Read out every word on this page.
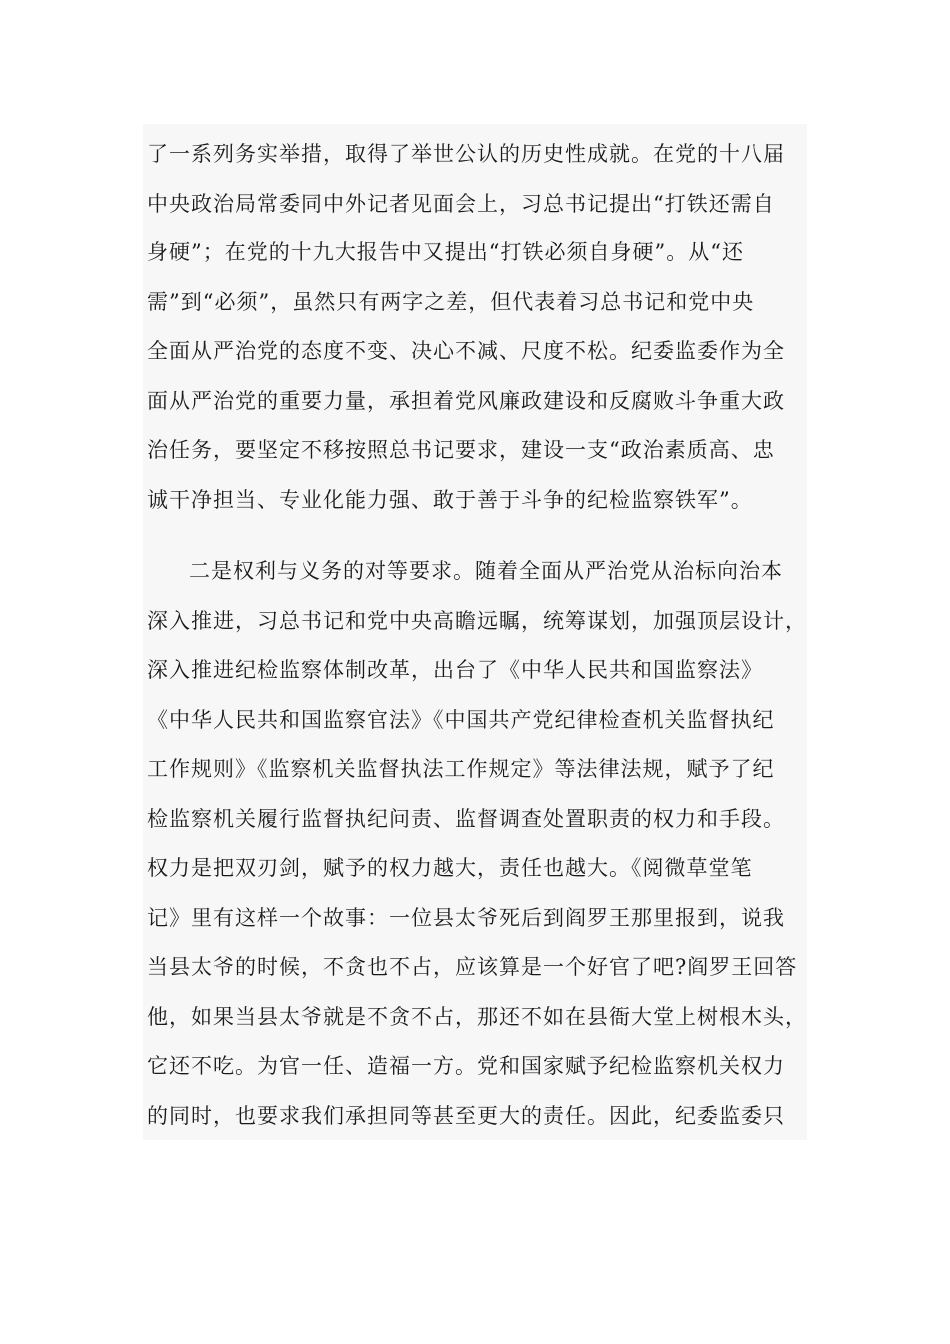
了一系列务实举措，取得了举世公认的历史性成就。在党的十八届
中央政治局常委同中外记者见面会上，习总书记提出“打铁还需自
身硬”；在党的十九大报告中又提出“打铁必须自身硬”。从“还
需”到“必须”，虽然只有两字之差，但代表着习总书记和党中央
全面从严治党的态度不变、决心不减、尺度不松。纪委监委作为全
面从严治党的重要力量，承担着党风廉政建设和反腐败斗争重大政
治任务，要坚定不移按照总书记要求，建设一支“政治素质高、忠
诚干净担当、专业化能力强、敢于善于斗争的纪检监察铁军”。
二是权利与义务的对等要求。随着全面从严治党从治标向治本
深入推进，习总书记和党中央高瞻远瞩，统筹谋划，加强顶层设计，
深入推进纪检监察体制改革，出台了《中华人民共和国监察法》
《中华人民共和国监察官法》《中国共产党纪律检查机关监督执纪
工作规则》《监察机关监督执法工作规定》等法律法规，赋予了纪
检监察机关履行监督执纪问责、监督调查处置职责的权力和手段。
权力是把双刃剑，赋予的权力越大，责任也越大。《阅微草堂笔
记》里有这样一个故事：一位县太爷死后到阎罗王那里报到，说我
当县太爷的时候，不贪也不占，应该算是一个好官了吧?阎罗王回答
他，如果当县太爷就是不贪不占，那还不如在县衙大堂上树根木头，
它还不吃。为官一任、造福一方。党和国家赋予纪检监察机关权力
的同时，也要求我们承担同等甚至更大的责任。因此，纪委监委只
